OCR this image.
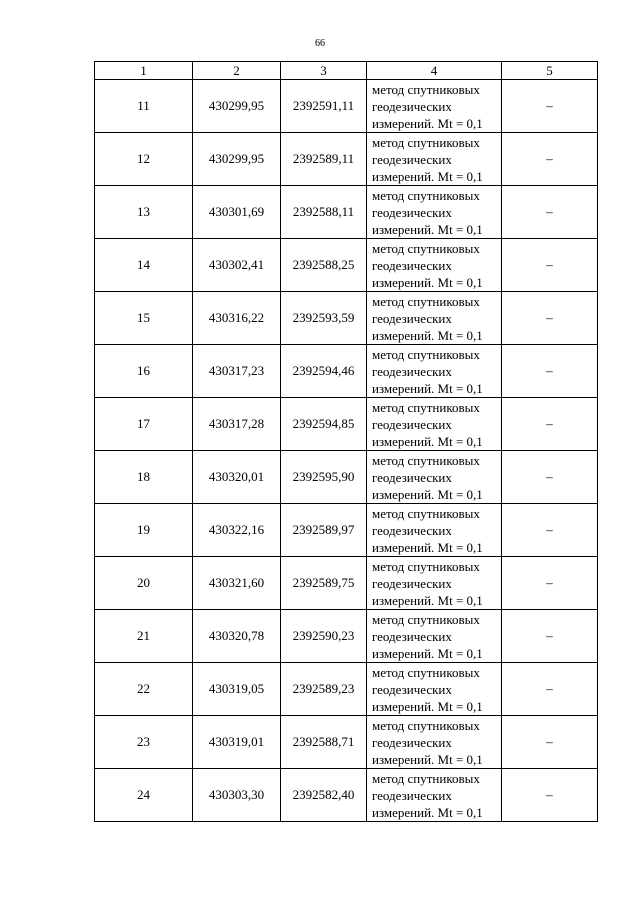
66
1	2	3	4	5
11	430299,95	2392591,11	метод спутниковых геодезических измерений. Mt = 0,1	–
12	430299,95	2392589,11	метод спутниковых геодезических измерений. Mt = 0,1	–
13	430301,69	2392588,11	метод спутниковых геодезических измерений. Mt = 0,1	–
14	430302,41	2392588,25	метод спутниковых геодезических измерений. Mt = 0,1	–
15	430316,22	2392593,59	метод спутниковых геодезических измерений. Mt = 0,1	–
16	430317,23	2392594,46	метод спутниковых геодезических измерений. Mt = 0,1	–
17	430317,28	2392594,85	метод спутниковых геодезических измерений. Mt = 0,1	–
18	430320,01	2392595,90	метод спутниковых геодезических измерений. Mt = 0,1	–
19	430322,16	2392589,97	метод спутниковых геодезических измерений. Mt = 0,1	–
20	430321,60	2392589,75	метод спутниковых геодезических измерений. Mt = 0,1	–
21	430320,78	2392590,23	метод спутниковых геодезических измерений. Mt = 0,1	–
22	430319,05	2392589,23	метод спутниковых геодезических измерений. Mt = 0,1	–
23	430319,01	2392588,71	метод спутниковых геодезических измерений. Mt = 0,1	–
24	430303,30	2392582,40	метод спутниковых геодезических измерений. Mt = 0,1	–
